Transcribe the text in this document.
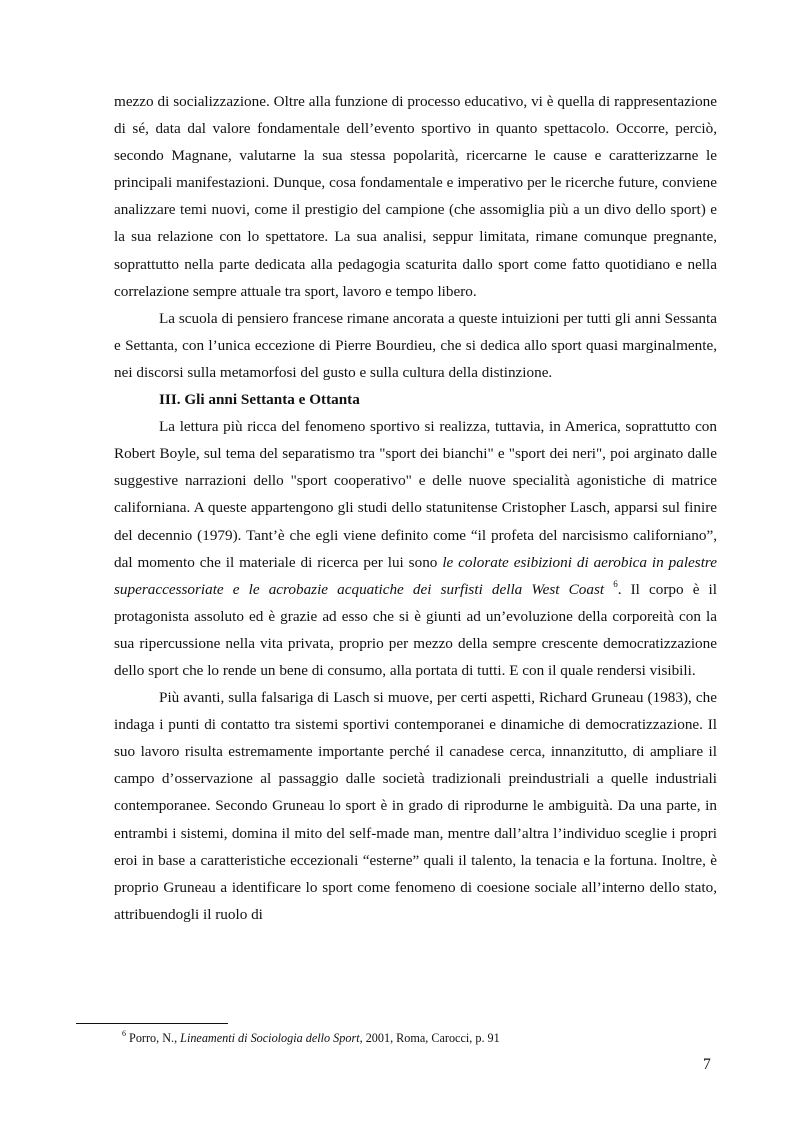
mezzo di socializzazione. Oltre alla funzione di processo educativo, vi è quella di rappresentazione di sé, data dal valore fondamentale dell’evento sportivo in quanto spettacolo. Occorre, perciò, secondo Magnane, valutarne la sua stessa popolarità, ricercarne le cause e caratterizzarne le principali manifestazioni. Dunque, cosa fondamentale e imperativo per le ricerche future, conviene analizzare temi nuovi, come il prestigio del campione (che assomiglia più a un divo dello sport) e la sua relazione con lo spettatore. La sua analisi, seppur limitata, rimane comunque pregnante, soprattutto nella parte dedicata alla pedagogia scaturita dallo sport come fatto quotidiano e nella correlazione sempre attuale tra sport, lavoro e tempo libero.

La scuola di pensiero francese rimane ancorata a queste intuizioni per tutti gli anni Sessanta e Settanta, con l’unica eccezione di Pierre Bourdieu, che si dedica allo sport quasi marginalmente, nei discorsi sulla metamorfosi del gusto e sulla cultura della distinzione.

III. Gli anni Settanta e Ottanta

La lettura più ricca del fenomeno sportivo si realizza, tuttavia, in America, soprattutto con Robert Boyle, sul tema del separatismo tra "sport dei bianchi" e "sport dei neri", poi arginato dalle suggestive narrazioni dello "sport cooperativo" e delle nuove specialità agonistiche di matrice californiana. A queste appartengono gli studi dello statunitense Cristopher Lasch, apparsi sul finire del decennio (1979). Tant’è che egli viene definito come “il profeta del narcisismo californiano”, dal momento che il materiale di ricerca per lui sono le colorate esibizioni di aerobica in palestre superaccessoriate e le acrobazie acquatiche dei surfisti della West Coast $^6$. Il corpo è il protagonista assoluto ed è grazie ad esso che si è giunti ad un’evoluzione della corporeità con la sua ripercussione nella vita privata, proprio per mezzo della sempre crescente democratizzazione dello sport che lo rende un bene di consumo, alla portata di tutti. E con il quale rendersi visibili.

Più avanti, sulla falsariga di Lasch si muove, per certi aspetti, Richard Gruneau (1983), che indaga i punti di contatto tra sistemi sportivi contemporanei e dinamiche di democratizzazione. Il suo lavoro risulta estremamente importante perché il canadese cerca, innanzitutto, di ampliare il campo d’osservazione al passaggio dalle società tradizionali preindustriali a quelle industriali contemporanee. Secondo Gruneau lo sport è in grado di riprodurne le ambiguità. Da una parte, in entrambi i sistemi, domina il mito del self-made man, mentre dall’altra l’individuo sceglie i propri eroi in base a caratteristiche eccezionali “esterne” quali il talento, la tenacia e la fortuna. Inoltre, è proprio Gruneau a identificare lo sport come fenomeno di coesione sociale all’interno dello stato, attribuendogli il ruolo di

$^6$ Porro, N., Lineamenti di Sociologia dello Sport, 2001, Roma, Carocci, p. 91
7
